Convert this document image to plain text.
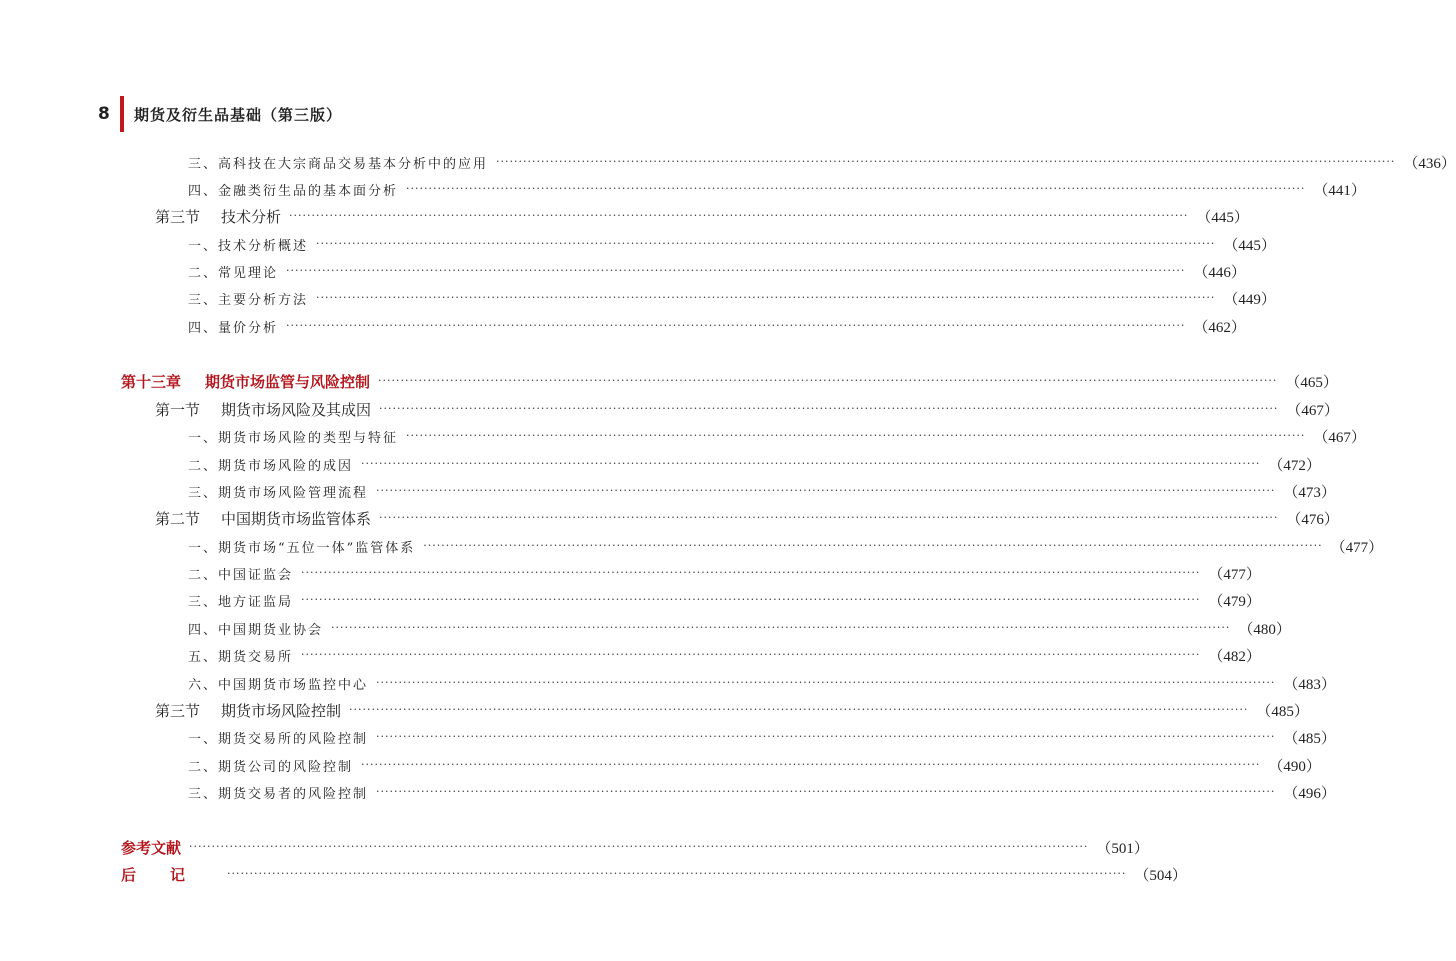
8	期货及衍生品基础（第三版）
三、高科技在大宗商品交易基本分析中的应用 ········································································································································································································ （436）
四、金融类衍生品的基本面分析 ········································································································································································································ （441）
第三节 技术分析 ········································································································································································································ （445）
一、技术分析概述 ········································································································································································································ （445）
二、常见理论 ········································································································································································································ （446）
三、主要分析方法 ········································································································································································································ （449）
四、量价分析 ········································································································································································································ （462）
第十三章 期货市场监管与风险控制 ········································································································································································································ （465）
第一节 期货市场风险及其成因 ········································································································································································································ （467）
一、期货市场风险的类型与特征 ········································································································································································································ （467）
二、期货市场风险的成因 ········································································································································································································ （472）
三、期货市场风险管理流程 ········································································································································································································ （473）
第二节 中国期货市场监管体系 ········································································································································································································ （476）
一、期货市场“五位一体”监管体系 ········································································································································································································ （477）
二、中国证监会 ········································································································································································································ （477）
三、地方证监局 ········································································································································································································ （479）
四、中国期货业协会 ········································································································································································································ （480）
五、期货交易所 ········································································································································································································ （482）
六、中国期货市场监控中心 ········································································································································································································ （483）
第三节 期货市场风险控制 ········································································································································································································ （485）
一、期货交易所的风险控制 ········································································································································································································ （485）
二、期货公司的风险控制 ········································································································································································································ （490）
三、期货交易者的风险控制 ········································································································································································································ （496）
参考文献 ········································································································································································································ （501）
后记 ········································································································································································································ （504）
